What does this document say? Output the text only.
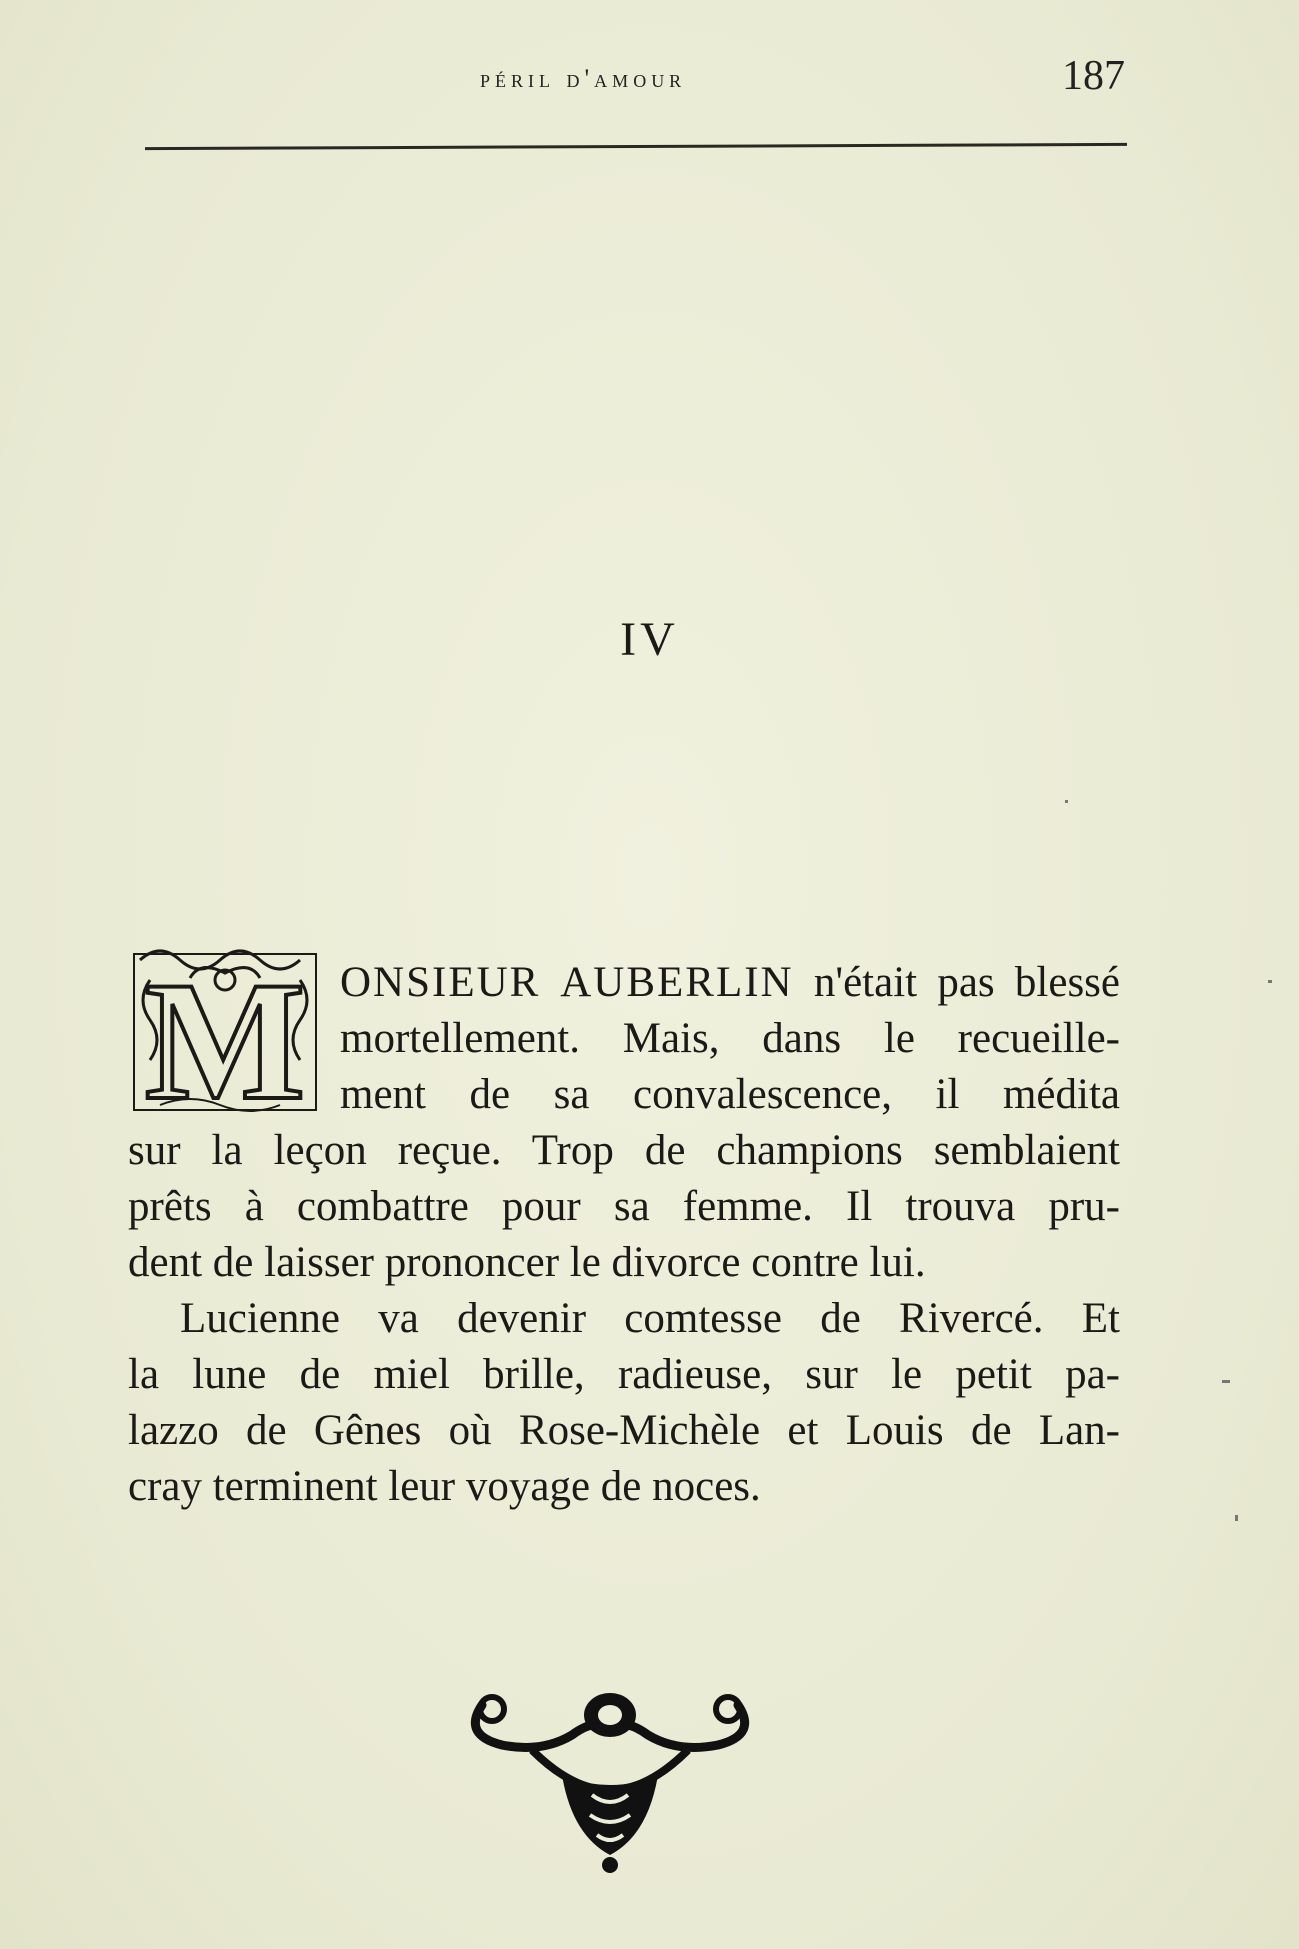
péril d'amour	187
IV
M ONSIEUR AUBERLIN n'était pas blessé
mortellement. Mais, dans le recueille-
ment de sa convalescence, il médita
sur la leçon reçue. Trop de champions semblaient
prêts à combattre pour sa femme. Il trouva pru-
dent de laisser prononcer le divorce contre lui.
Lucienne va devenir comtesse de Rivercé. Et
la lune de miel brille, radieuse, sur le petit pa-
lazzo de Gênes où Rose-Michèle et Louis de Lan-
cray terminent leur voyage de noces.
